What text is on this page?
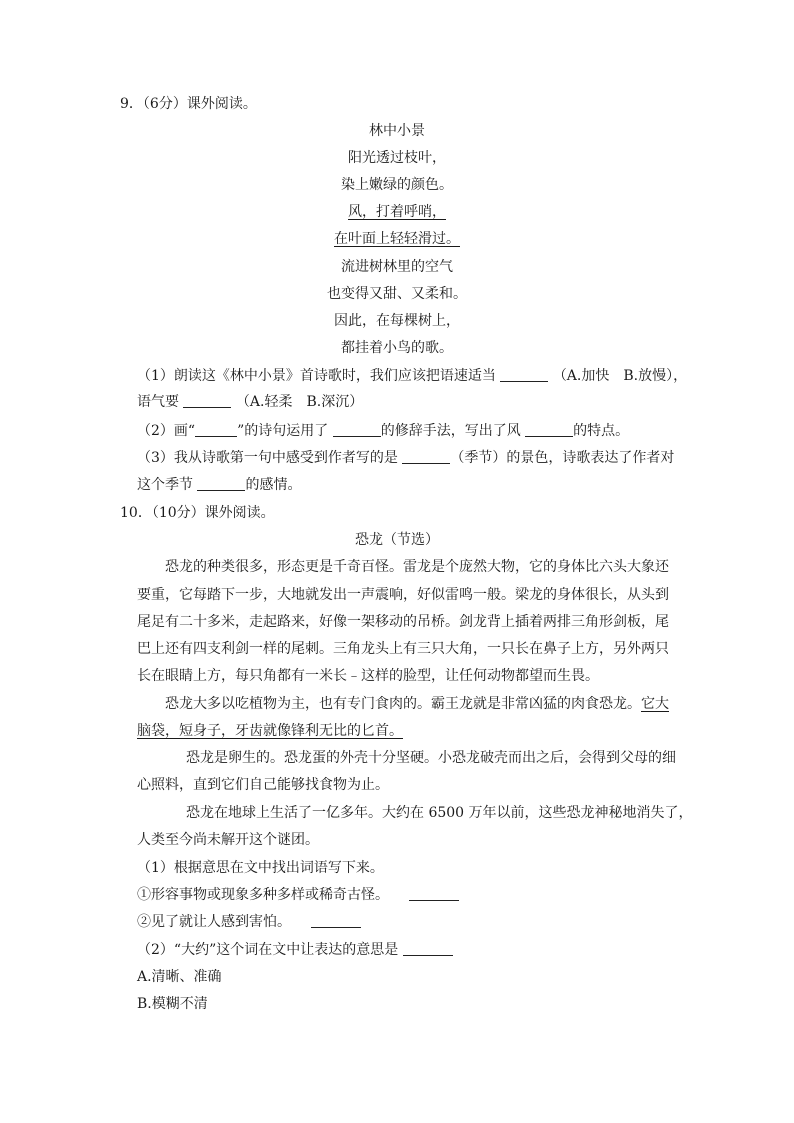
9．（6分）课外阅读。
林中小景
阳光透过枝叶，
染上嫩绿的颜色。
风，打着呼哨，
在叶面上轻轻滑过。
流进树林里的空气
也变得又甜、又柔和。
因此，在每棵树上，
都挂着小鸟的歌。
（1）朗读这《林中小景》首诗歌时，我们应该把语速适当	（A.加快　B.放慢），
语气要	（A.轻柔　B.深沉）
（2）画“	”的诗句运用了	的修辞手法，写出了风	的特点。
（3）我从诗歌第一句中感受到作者写的是	（季节）的景色，诗歌表达了作者对
这个季节	的感情。
10．（10分）课外阅读。
恐龙（节选）
恐龙的种类很多，形态更是千奇百怪。雷龙是个庞然大物，它的身体比六头大象还
要重，它每踏下一步，大地就发出一声震响，好似雷鸣一般。梁龙的身体很长，从头到
尾足有二十多米，走起路来，好像一架移动的吊桥。剑龙背上插着两排三角形剑板，尾
巴上还有四支利剑一样的尾刺。三角龙头上有三只大角，一只长在鼻子上方，另外两只
长在眼睛上方，每只角都有一米长﹣这样的脸型，让任何动物都望而生畏。
恐龙大多以吃植物为主，也有专门食肉的。霸王龙就是非常凶猛的肉食恐龙。它大
脑袋，短身子，牙齿就像锋利无比的匕首。
恐龙是卵生的。恐龙蛋的外壳十分坚硬。小恐龙破壳而出之后，会得到父母的细
心照料，直到它们自己能够找食物为止。
恐龙在地球上生活了一亿多年。大约在 6500 万年以前，这些恐龙神秘地消失了，
人类至今尚未解开这个谜团。
（1）根据意思在文中找出词语写下来。
①形容事物或现象多种多样或稀奇古怪。
②见了就让人感到害怕。
（2）“大约”这个词在文中让表达的意思是
A.清晰、准确
B.模糊不清
